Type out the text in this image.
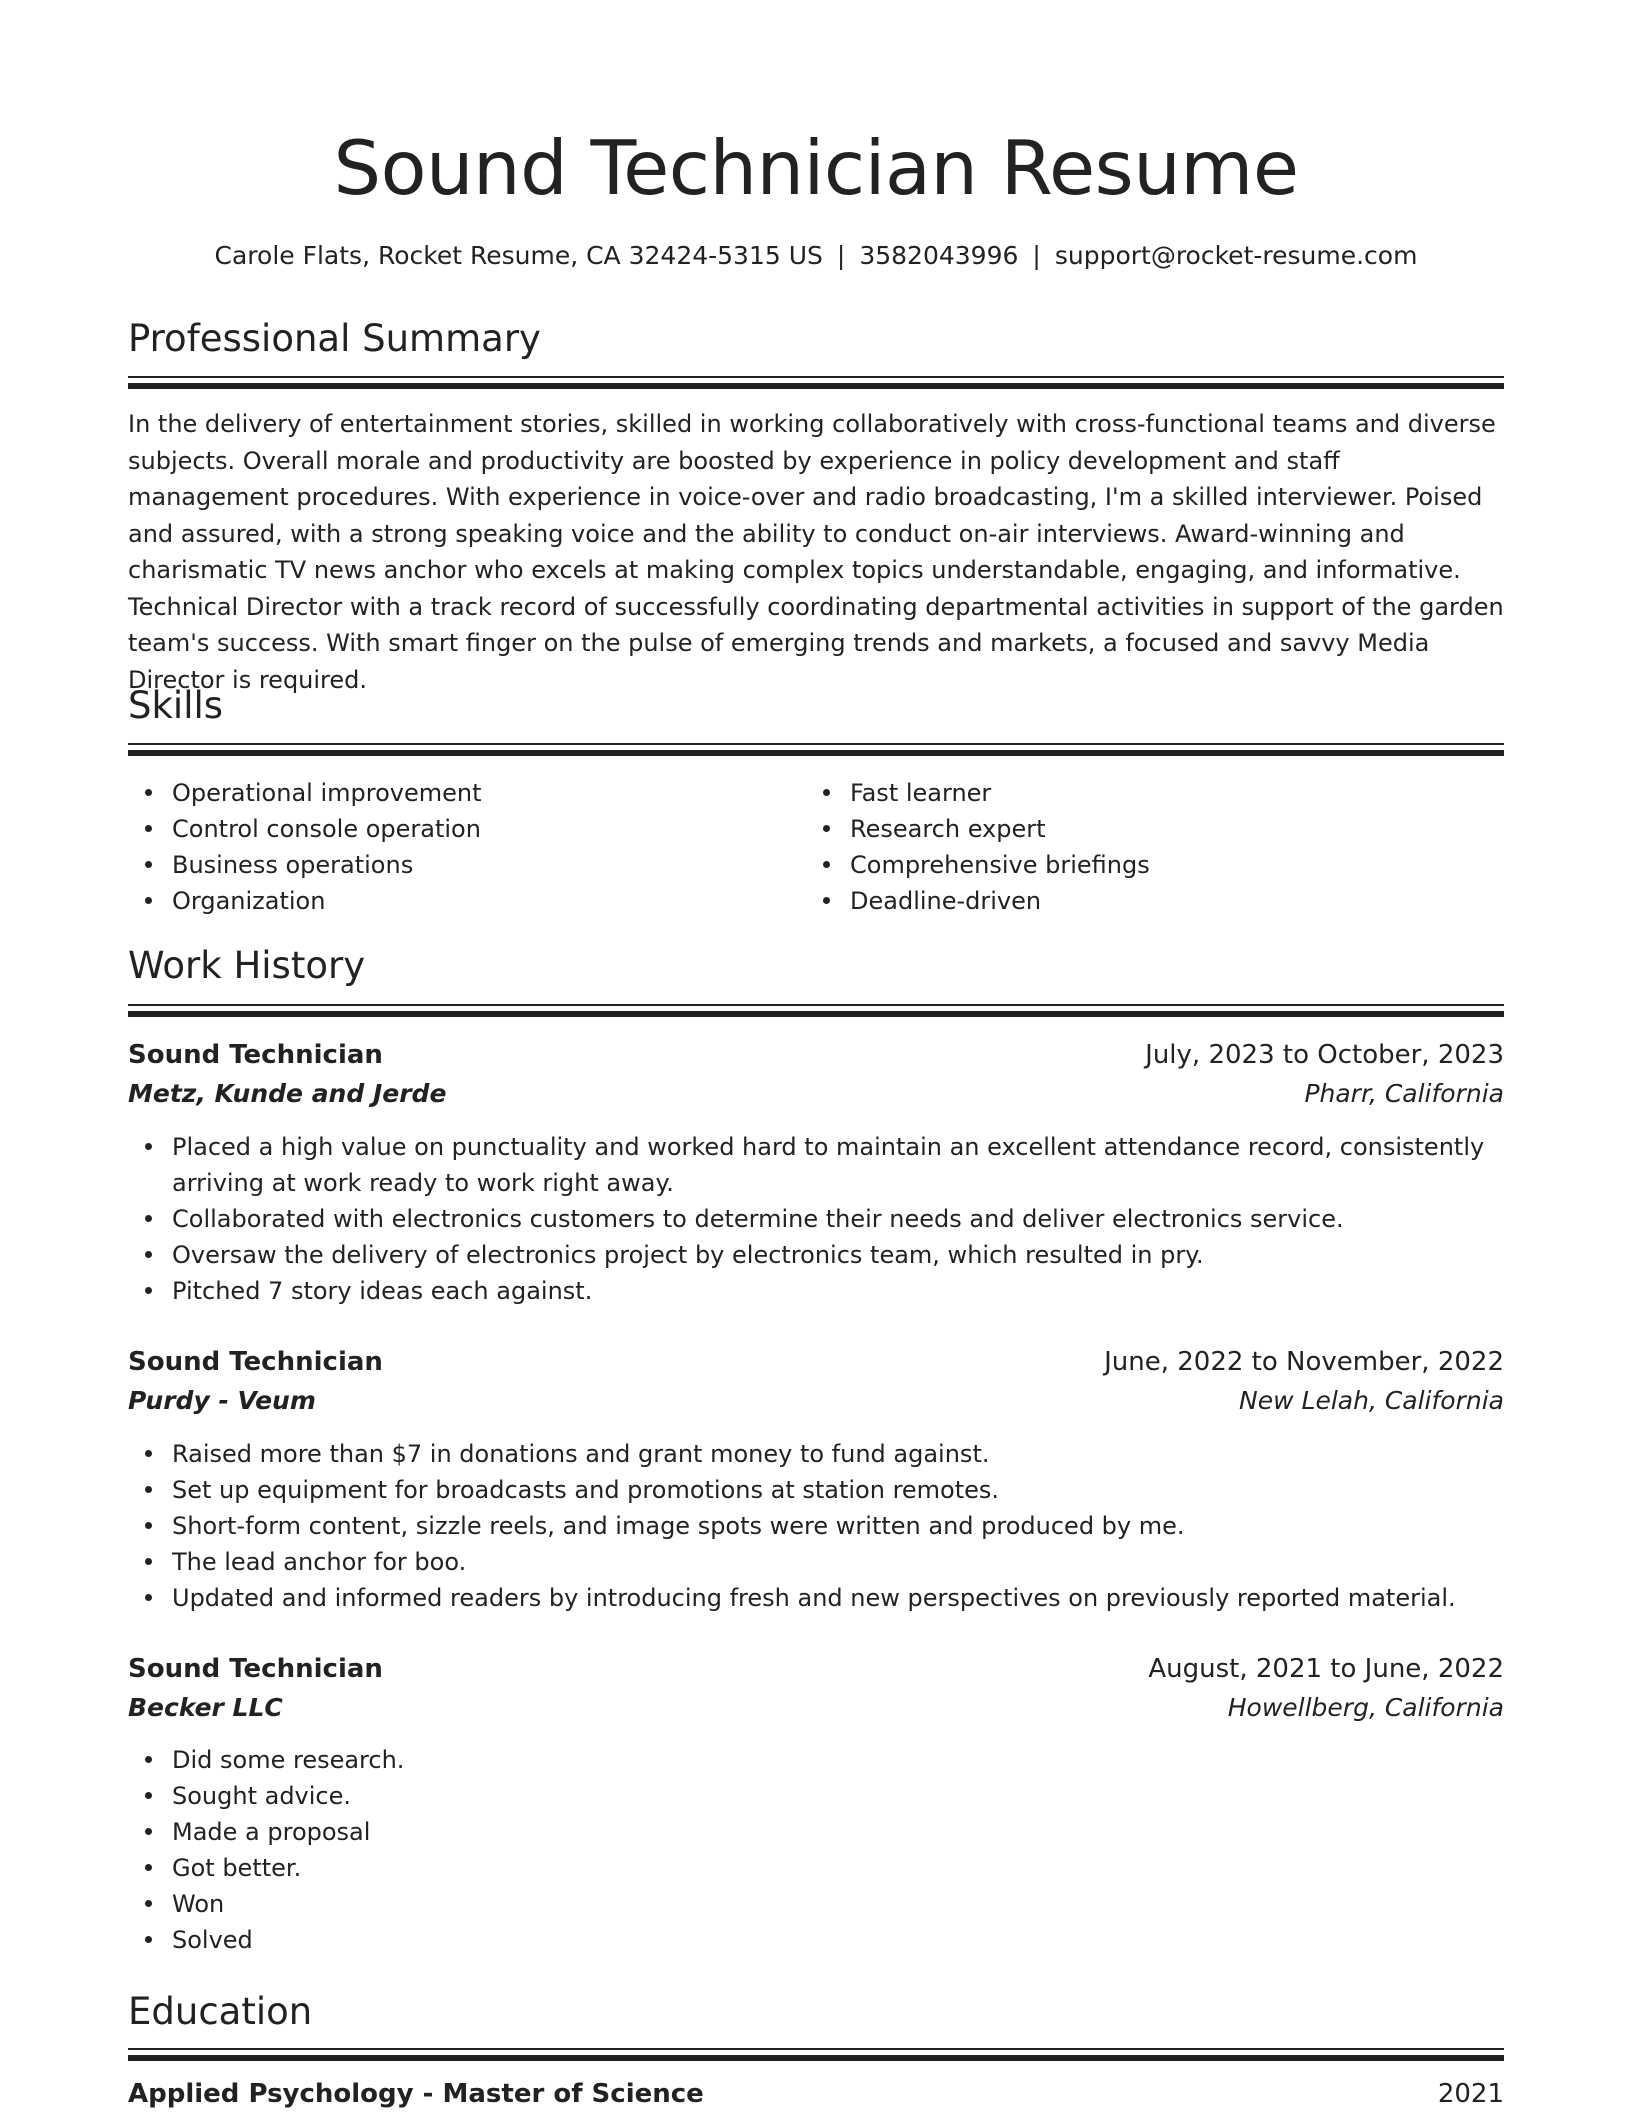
Sound Technician Resume
Carole Flats, Rocket Resume, CA 32424-5315 US | 3582043996 | support@rocket-resume.com
Professional Summary

In the delivery of entertainment stories, skilled in working collaboratively with cross-functional teams and diverse subjects. Overall morale and productivity are boosted by experience in policy development and staff management procedures. With experience in voice-over and radio broadcasting, I'm a skilled interviewer. Poised and assured, with a strong speaking voice and the ability to conduct on-air interviews. Award-winning and charismatic TV news anchor who excels at making complex topics understandable, engaging, and informative. Technical Director with a track record of successfully coordinating departmental activities in support of the garden team's success. With smart finger on the pulse of emerging trends and markets, a focused and savvy Media Director is required.

Skills
Operational improvement
Control console operation
Business operations
Organization
Fast learner
Research expert
Comprehensive briefings
Deadline-driven
Work History
Sound Technician	July, 2023 to October, 2023
Metz, Kunde and Jerde	Pharr, California
Placed a high value on punctuality and worked hard to maintain an excellent attendance record, consistently arriving at work ready to work right away.
Collaborated with electronics customers to determine their needs and deliver electronics service.
Oversaw the delivery of electronics project by electronics team, which resulted in pry.
Pitched 7 story ideas each against.
Sound Technician	June, 2022 to November, 2022
Purdy - Veum	New Lelah, California
Raised more than $7 in donations and grant money to fund against.
Set up equipment for broadcasts and promotions at station remotes.
Short-form content, sizzle reels, and image spots were written and produced by me.
The lead anchor for boo.
Updated and informed readers by introducing fresh and new perspectives on previously reported material.
Sound Technician	August, 2021 to June, 2022
Becker LLC	Howellberg, California
Did some research.
Sought advice.
Made a proposal
Got better.
Won
Solved
Education
Applied Psychology - Master of Science	2021
